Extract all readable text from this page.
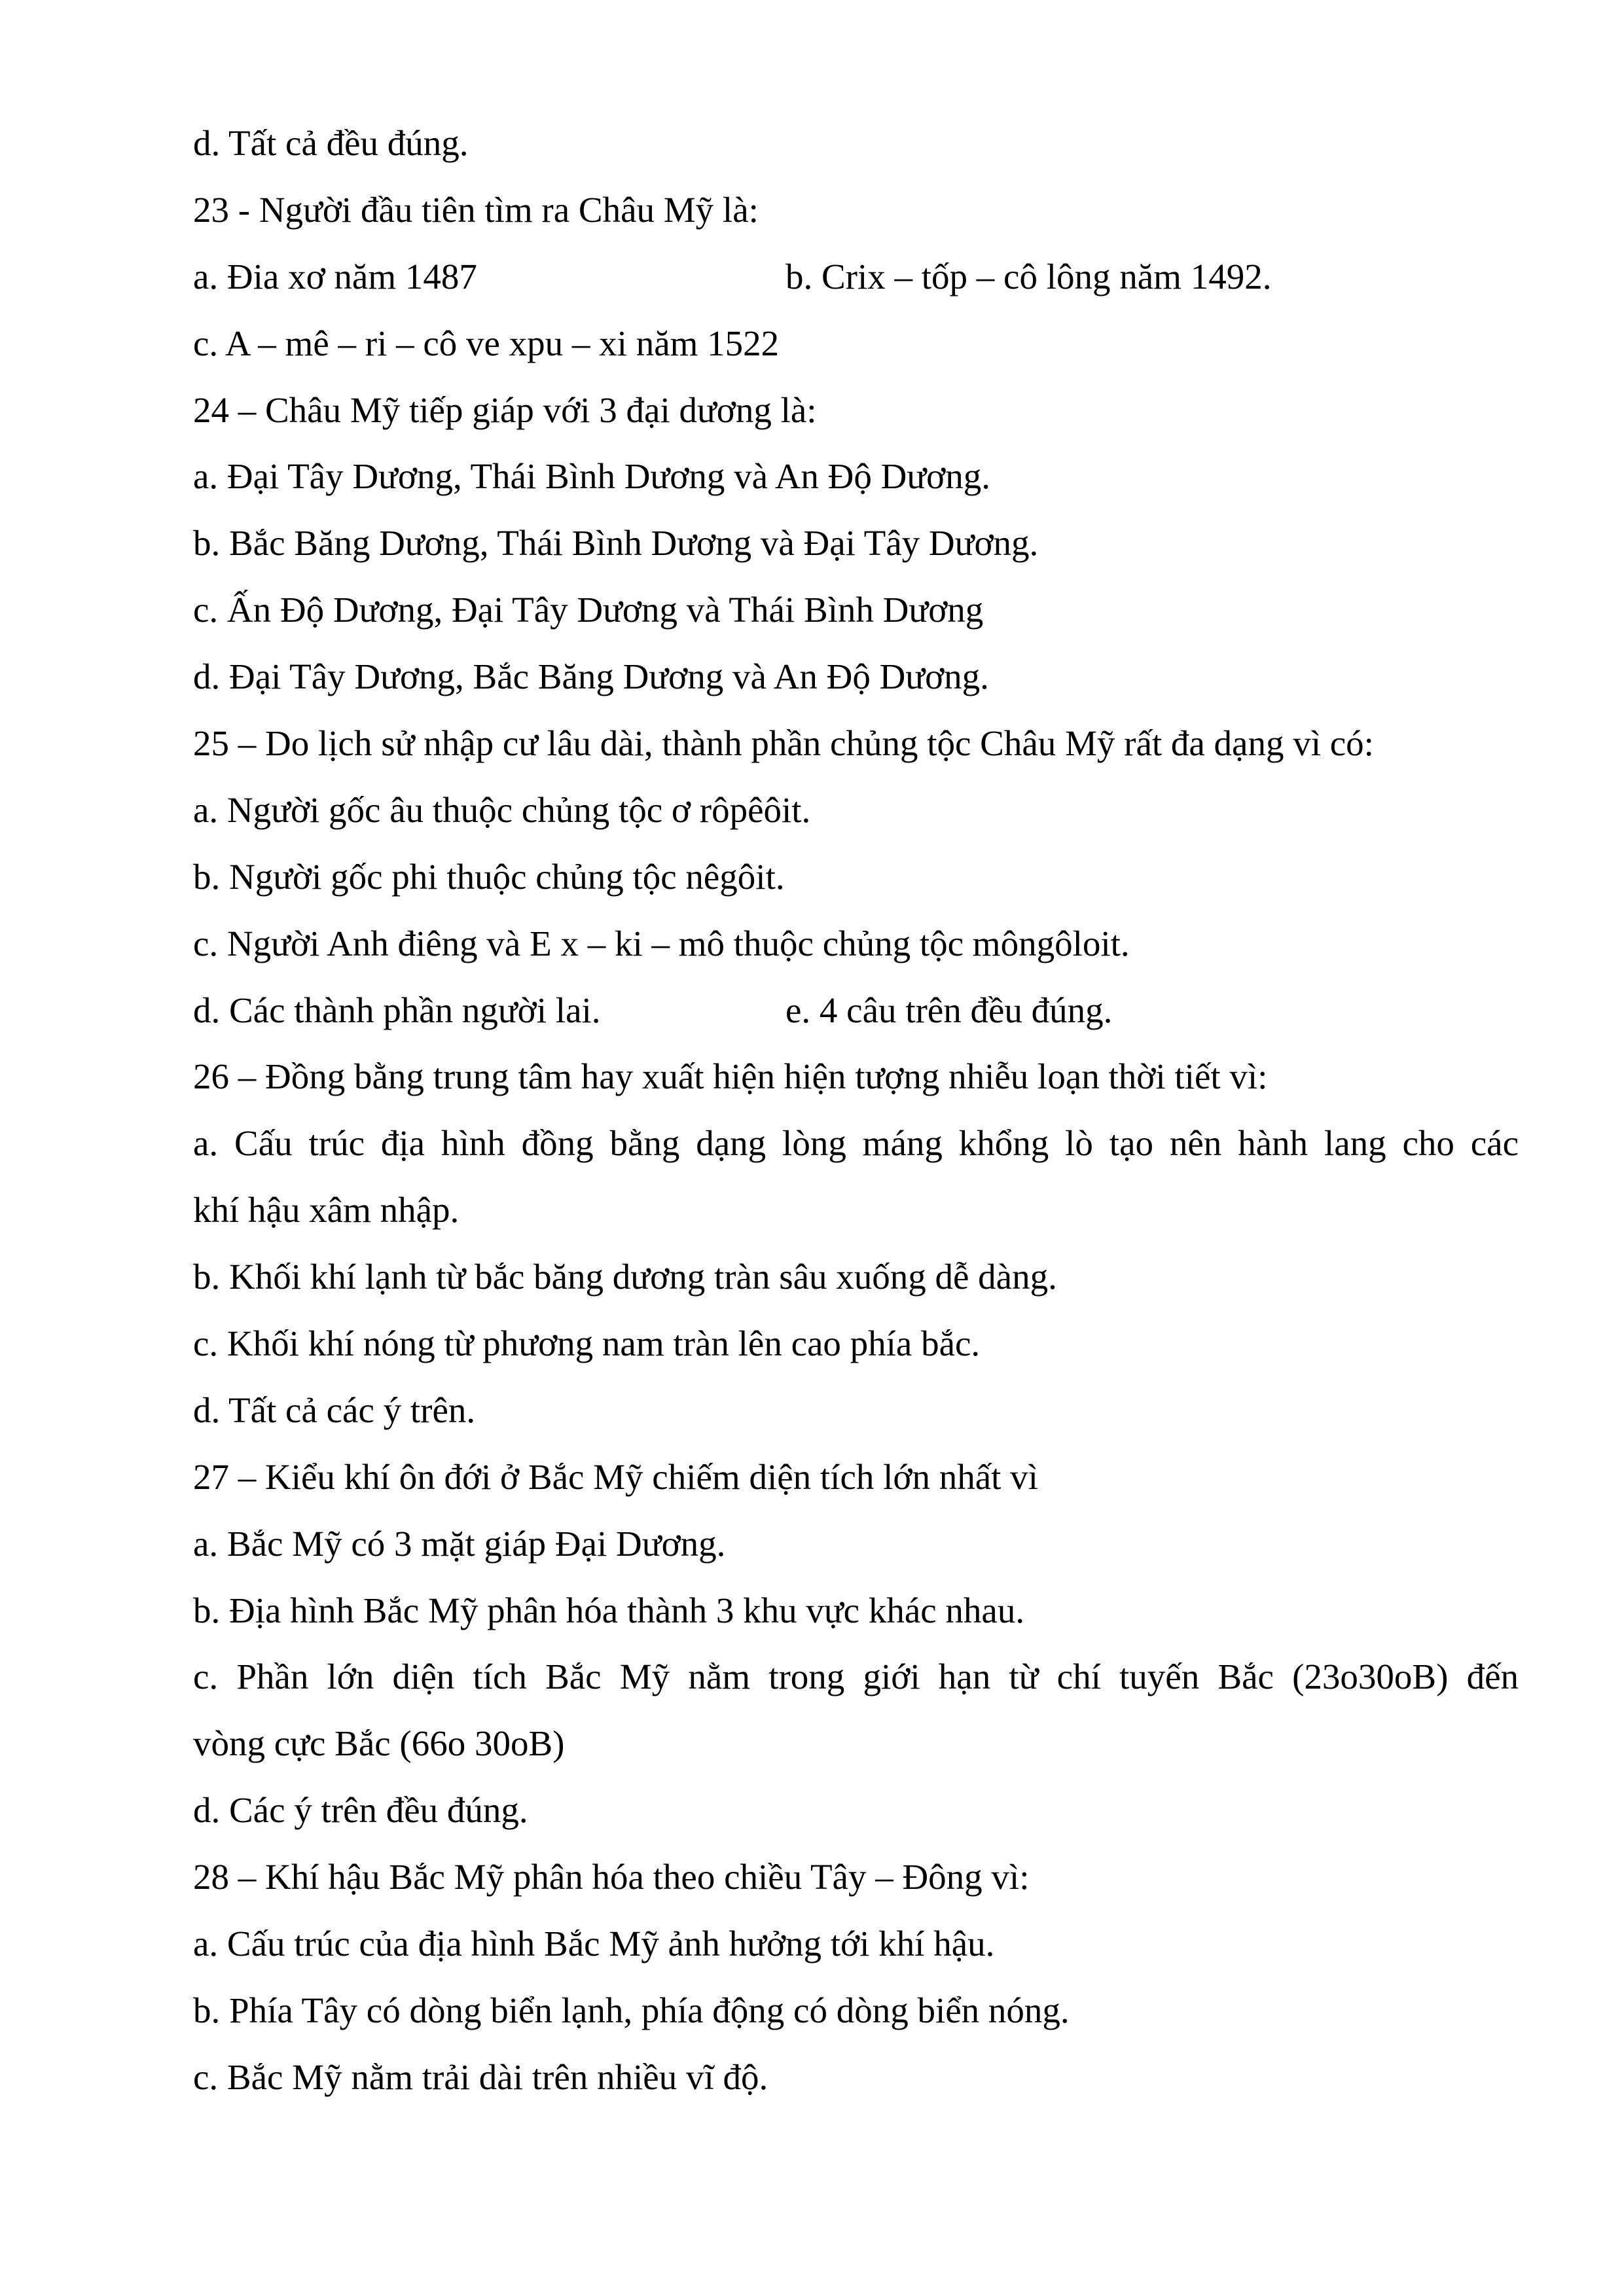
d. Tất cả đều đúng.
23 - Người đầu tiên tìm ra Châu Mỹ là:
a. Đia xơ năm 1487	b. Crix – tốp – cô lông năm 1492.
c. A – mê – ri – cô ve xpu – xi năm 1522
24 – Châu Mỹ tiếp giáp với 3 đại dương là:
a. Đại Tây Dương, Thái Bình Dương và An Độ Dương.
b. Bắc Băng Dương, Thái Bình Dương và Đại Tây Dương.
c. Ấn Độ Dương, Đại Tây Dương và Thái Bình Dương
d. Đại Tây Dương, Bắc Băng Dương và An Độ Dương.
25 – Do lịch sử nhập cư lâu dài, thành phần chủng tộc Châu Mỹ rất đa dạng vì có:
a. Người gốc âu thuộc chủng tộc ơ rôpêôit.
b. Người gốc phi thuộc chủng tộc nêgôit.
c. Người Anh điêng và E x – ki – mô thuộc chủng tộc môngôloit.
d. Các thành phần người lai.	e. 4 câu trên đều đúng.
26 – Đồng bằng trung tâm hay xuất hiện hiện tượng nhiễu loạn thời tiết vì:
a. Cấu trúc địa hình đồng bằng dạng lòng máng khổng lò tạo nên hành lang cho các
khí hậu xâm nhập.
b. Khối khí lạnh từ bắc băng dương tràn sâu xuống dễ dàng.
c. Khối khí nóng từ phương nam tràn lên cao phía bắc.
d. Tất cả các ý trên.
27 – Kiểu khí ôn đới ở Bắc Mỹ chiếm diện tích lớn nhất vì
a. Bắc Mỹ có 3 mặt giáp Đại Dương.
b. Địa hình Bắc Mỹ phân hóa thành 3 khu vực khác nhau.
c. Phần lớn diện tích Bắc Mỹ nằm trong giới hạn từ chí tuyến Bắc (23o30oB) đến
vòng cực Bắc (66o 30oB)
d. Các ý trên đều đúng.
28 – Khí hậu Bắc Mỹ phân hóa theo chiều Tây – Đông vì:
a. Cấu trúc của địa hình Bắc Mỹ ảnh hưởng tới khí hậu.
b. Phía Tây có dòng biển lạnh, phía động có dòng biển nóng.
c. Bắc Mỹ nằm trải dài trên nhiều vĩ độ.
